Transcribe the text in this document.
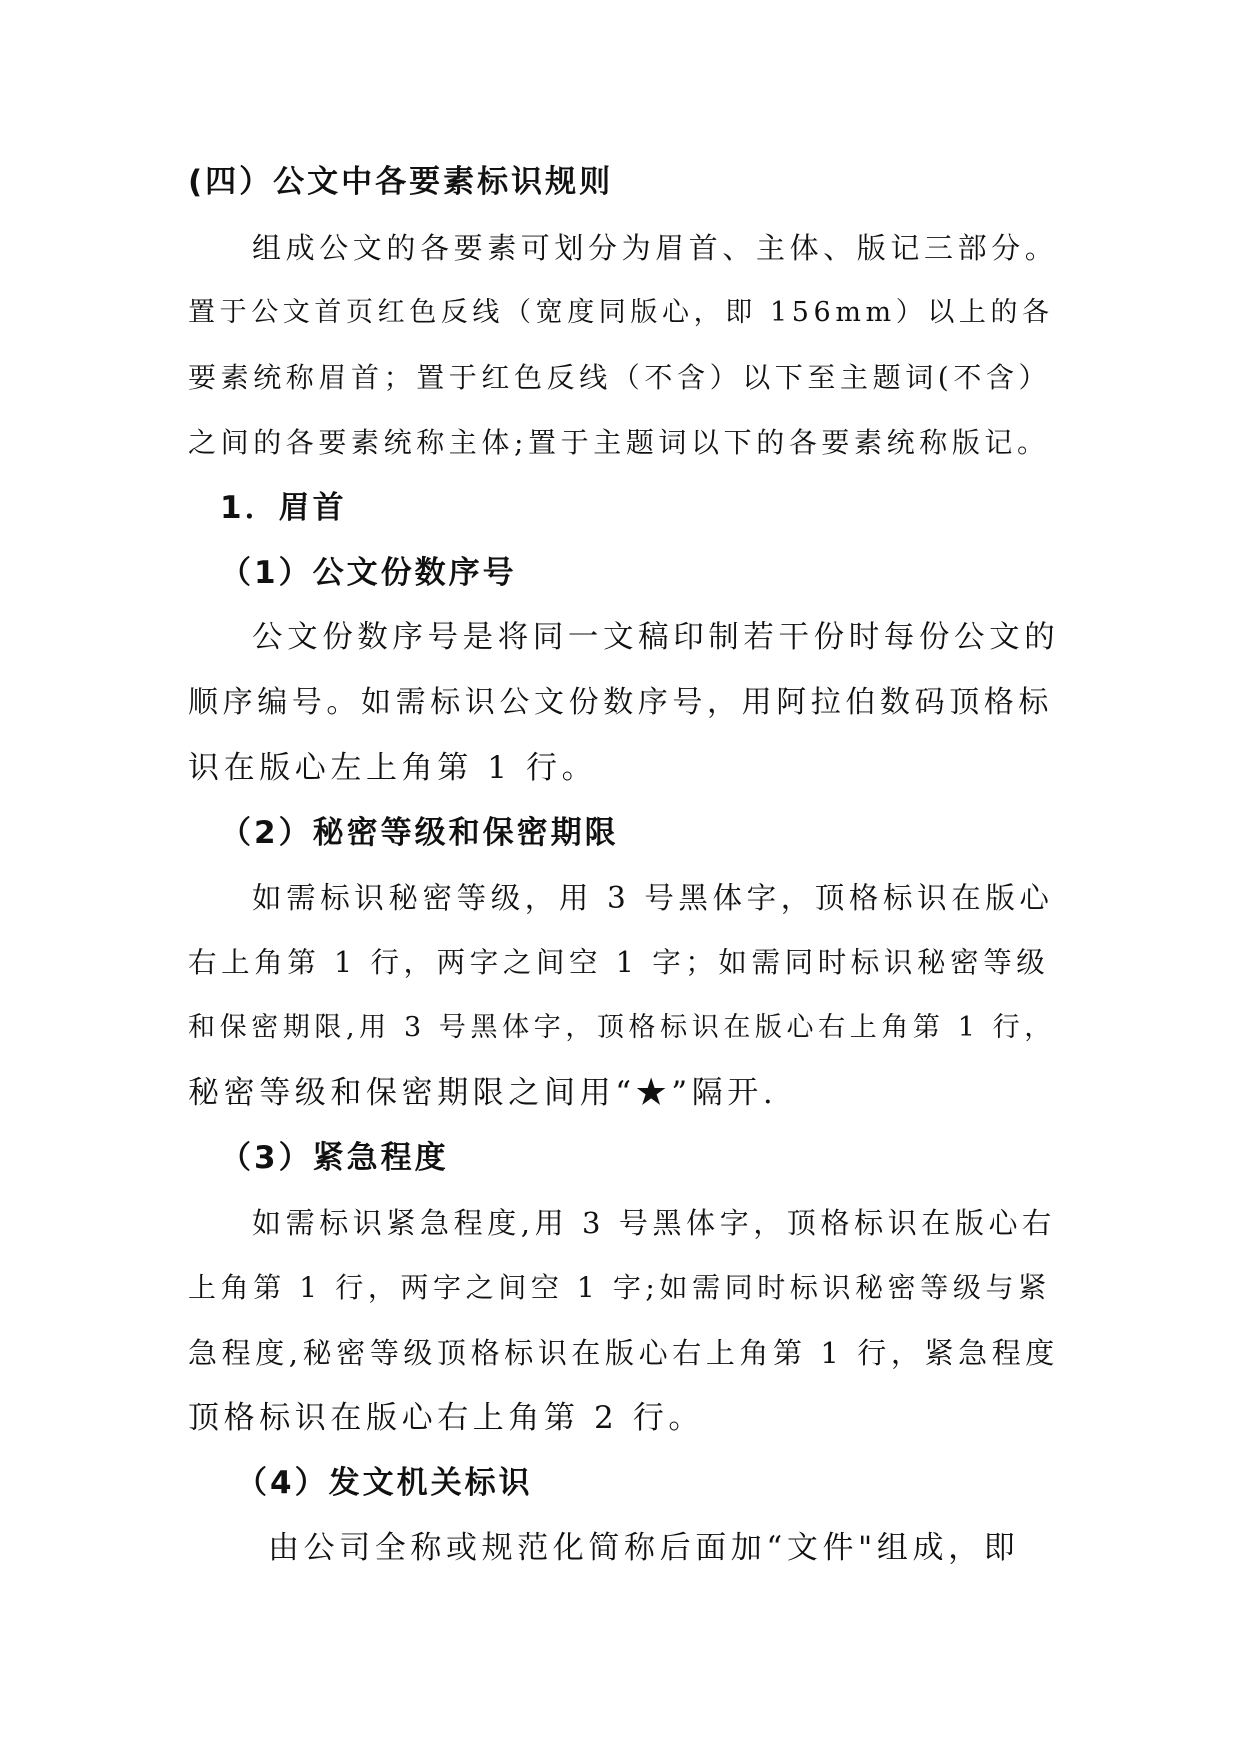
(四）公文中各要素标识规则
组成公文的各要素可划分为眉首、主体、版记三部分。
置于公文首页红色反线（宽度同版心，即 156mm）以上的各
要素统称眉首；置于红色反线（不含）以下至主题词(不含）
之间的各要素统称主体;置于主题词以下的各要素统称版记。
1．眉首
（1）公文份数序号
公文份数序号是将同一文稿印制若干份时每份公文的
顺序编号。如需标识公文份数序号，用阿拉伯数码顶格标
识在版心左上角第 1 行。
（2）秘密等级和保密期限
如需标识秘密等级，用 3 号黑体字，顶格标识在版心
右上角第 1 行，两字之间空 1 字；如需同时标识秘密等级
和保密期限,用 3 号黑体字，顶格标识在版心右上角第 1 行，
秘密等级和保密期限之间用“★”隔开.
（3）紧急程度
如需标识紧急程度,用 3 号黑体字，顶格标识在版心右
上角第 1 行，两字之间空 1 字;如需同时标识秘密等级与紧
急程度,秘密等级顶格标识在版心右上角第 1 行，紧急程度
顶格标识在版心右上角第 2 行。
（4）发文机关标识
由公司全称或规范化简称后面加“文件"组成，即
